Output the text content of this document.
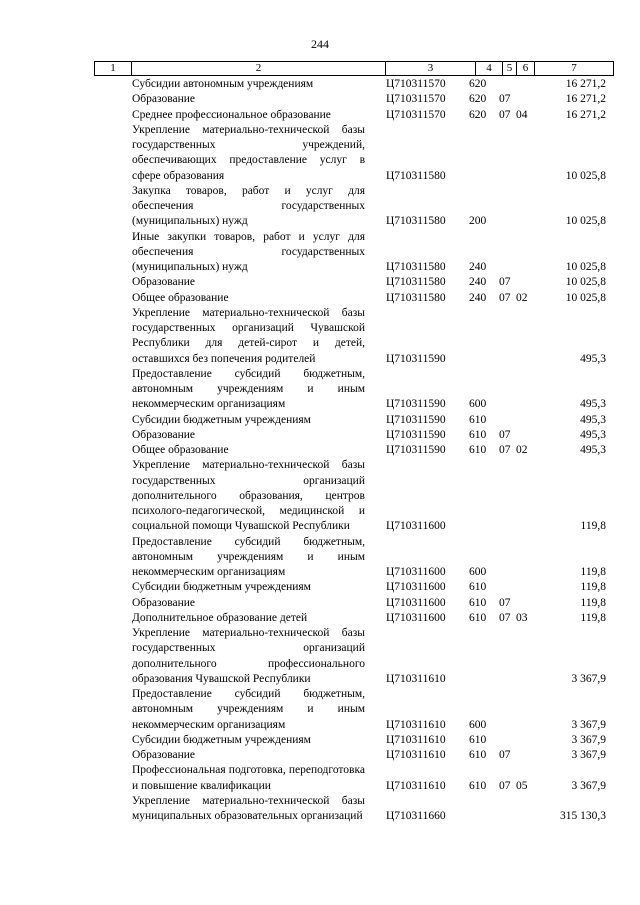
244
1	2	3	4	5 6	7
Субсидии автономным учреждениям	Ц710311570 620	16 271,2
Образование	Ц710311570 620 07	16 271,2
Среднее профессиональное образование	Ц710311570 620 07 04	16 271,2
Укрепление материально-технической базы государственных учреждений, обеспечивающих предоставление услуг в сфере образования	Ц710311580	10 025,8
Закупка товаров, работ и услуг для обеспечения государственных (муниципальных) нужд	Ц710311580 200	10 025,8
Иные закупки товаров, работ и услуг для обеспечения государственных (муниципальных) нужд	Ц710311580 240	10 025,8
Образование	Ц710311580 240 07	10 025,8
Общее образование	Ц710311580 240 07 02	10 025,8
Укрепление материально-технической базы государственных организаций Чувашской Республики для детей-сирот и детей, оставшихся без попечения родителей	Ц710311590	495,3
Предоставление субсидий бюджетным, автономным учреждениям и иным некоммерческим организациям	Ц710311590 600	495,3
Субсидии бюджетным учреждениям	Ц710311590 610	495,3
Образование	Ц710311590 610 07	495,3
Общее образование	Ц710311590 610 07 02	495,3
Укрепление материально-технической базы государственных организаций дополнительного образования, центров психолого-педагогической, медицинской и социальной помощи Чувашской Республики	Ц710311600	119,8
Предоставление субсидий бюджетным, автономным учреждениям и иным некоммерческим организациям	Ц710311600 600	119,8
Субсидии бюджетным учреждениям	Ц710311600 610	119,8
Образование	Ц710311600 610 07	119,8
Дополнительное образование детей	Ц710311600 610 07 03	119,8
Укрепление материально-технической базы государственных организаций дополнительного профессионального образования Чувашской Республики	Ц710311610	3 367,9
Предоставление субсидий бюджетным, автономным учреждениям и иным некоммерческим организациям	Ц710311610 600	3 367,9
Субсидии бюджетным учреждениям	Ц710311610 610	3 367,9
Образование	Ц710311610 610 07	3 367,9
Профессиональная подготовка, переподготовка и повышение квалификации	Ц710311610 610 07 05	3 367,9
Укрепление материально-технической базы муниципальных образовательных организаций Ц710311660	315 130,3
